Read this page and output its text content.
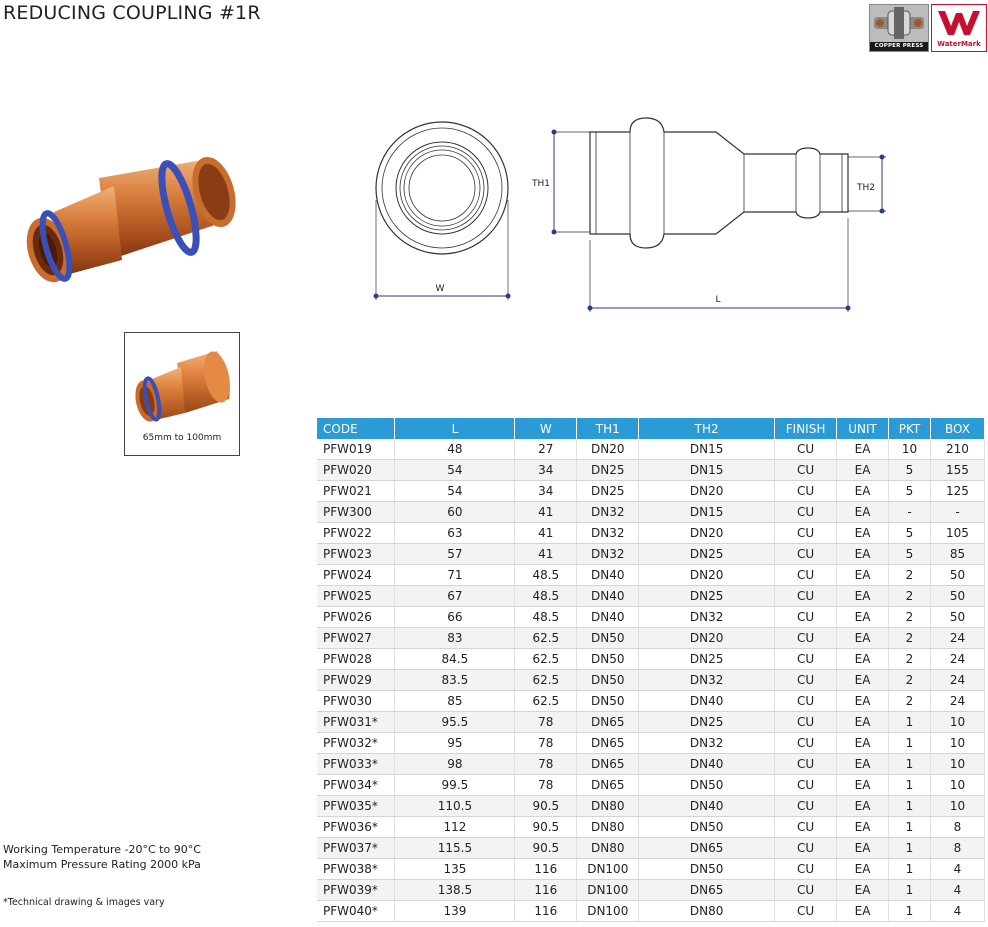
REDUCING COUPLING #1R
COPPER PRESS	WaterMark
W
TH1	TH2
L
65mm to 100mm
CODE	L	W	TH1	TH2	FINISH	UNIT	PKT	BOX
PFW019	48	27	DN20	DN15	CU	EA	10	210
PFW020	54	34	DN25	DN15	CU	EA	5	155
PFW021	54	34	DN25	DN20	CU	EA	5	125
PFW300	60	41	DN32	DN15	CU	EA	-	-
PFW022	63	41	DN32	DN20	CU	EA	5	105
PFW023	57	41	DN32	DN25	CU	EA	5	85
PFW024	71	48.5	DN40	DN20	CU	EA	2	50
PFW025	67	48.5	DN40	DN25	CU	EA	2	50
PFW026	66	48.5	DN40	DN32	CU	EA	2	50
PFW027	83	62.5	DN50	DN20	CU	EA	2	24
PFW028	84.5	62.5	DN50	DN25	CU	EA	2	24
PFW029	83.5	62.5	DN50	DN32	CU	EA	2	24
PFW030	85	62.5	DN50	DN40	CU	EA	2	24
PFW031*	95.5	78	DN65	DN25	CU	EA	1	10
PFW032*	95	78	DN65	DN32	CU	EA	1	10
PFW033*	98	78	DN65	DN40	CU	EA	1	10
PFW034*	99.5	78	DN65	DN50	CU	EA	1	10
PFW035*	110.5	90.5	DN80	DN40	CU	EA	1	10
PFW036*	112	90.5	DN80	DN50	CU	EA	1	8
PFW037*	115.5	90.5	DN80	DN65	CU	EA	1	8
PFW038*	135	116	DN100	DN50	CU	EA	1	4
PFW039*	138.5	116	DN100	DN65	CU	EA	1	4
PFW040*	139	116	DN100	DN80	CU	EA	1	4
Working Temperature -20°C to 90°C
Maximum Pressure Rating 2000 kPa
*Technical drawing & images vary
